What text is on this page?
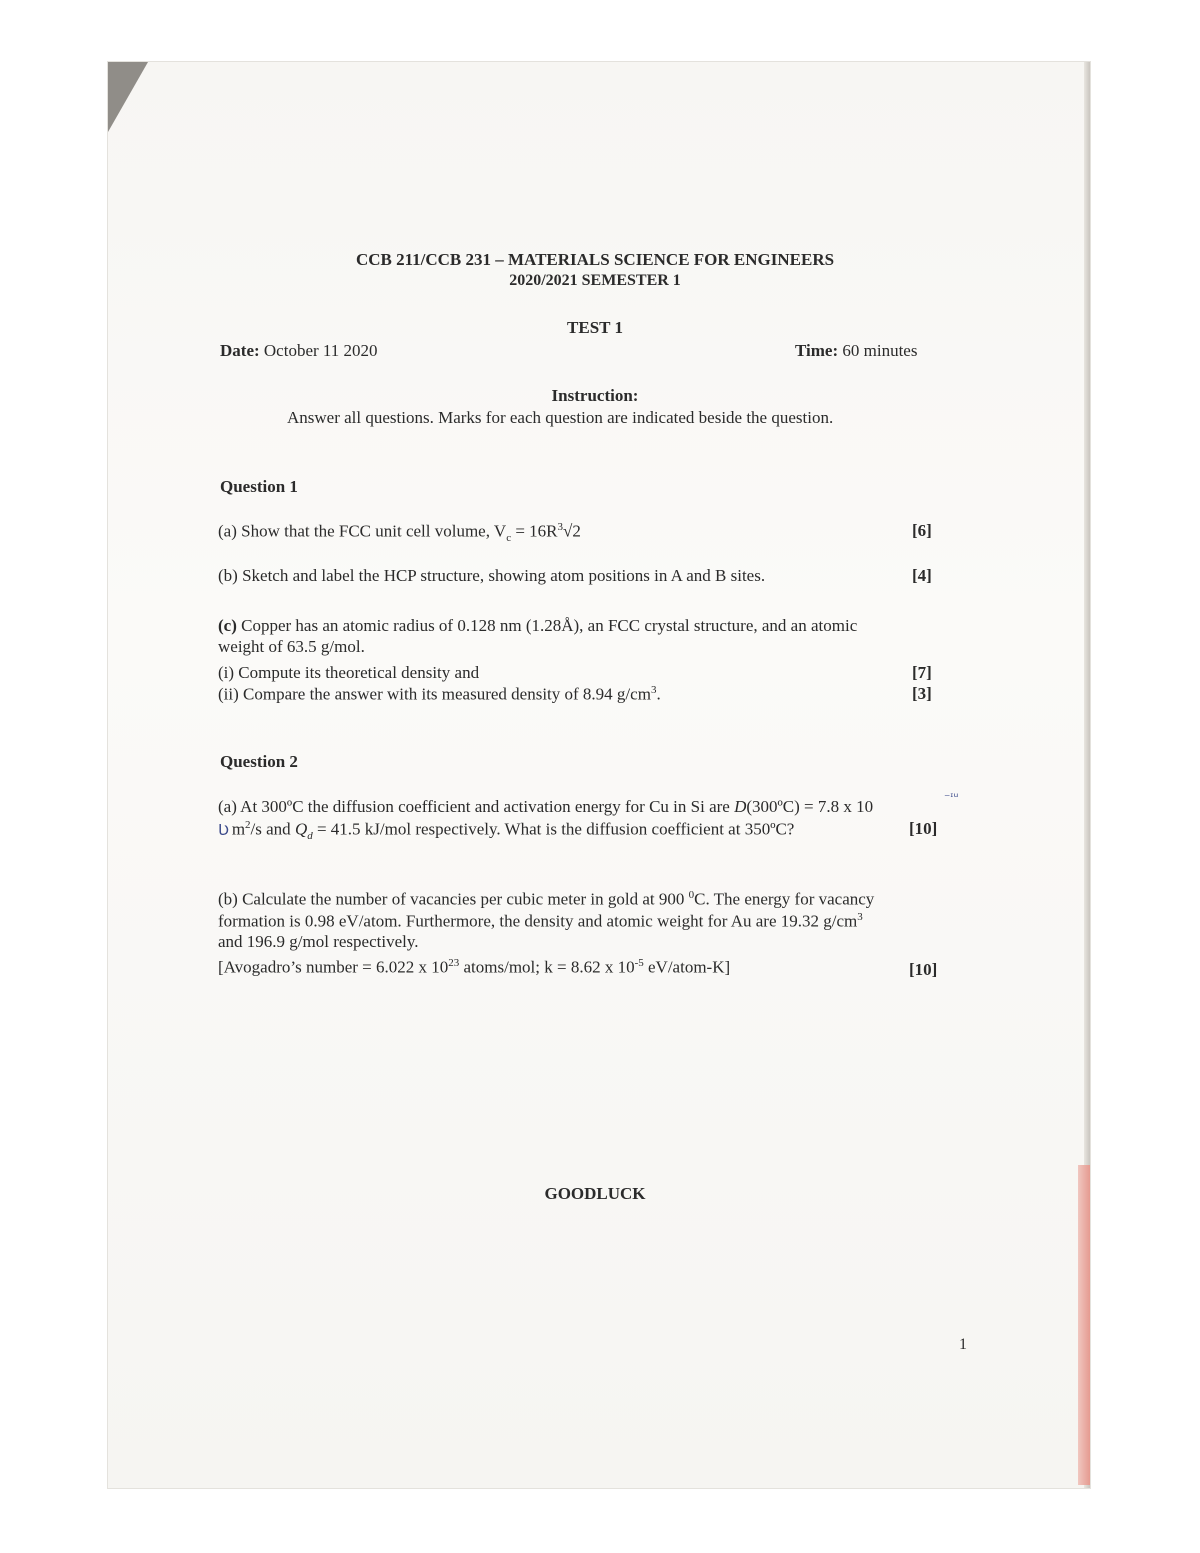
CCB 211/CCB 231 – MATERIALS SCIENCE FOR ENGINEERS
2020/2021 SEMESTER 1
TEST 1
Date: October 11 2020	Time: 60 minutes
Instruction:
Answer all questions. Marks for each question are indicated beside the question.
Question 1
(a) Show that the FCC unit cell volume, $V_c = 16R^3√2$	[6]
(b) Sketch and label the HCP structure, showing atom positions in A and B sites.	[4]
(c) Copper has an atomic radius of 0.128 nm (1.28Å), an FCC crystal structure, and an atomic
weight of 63.5 g/mol.
(i) Compute its theoretical density and	[7]
(ii) Compare the answer with its measured density of 8.94 $g/cm^3$.	[3]
Question 2
(a) At 300ºC the diffusion coefficient and activation energy for Cu in Si are D(300ºC) = 7.8 x 10	⁻ᶦᵘ
Ʋ $m^2/s$ and $Q_d = 41.5$ kJ/mol respectively. What is the diffusion coefficient at 350ºC?	[10]
(b) Calculate the number of vacancies per cubic meter in gold at 900 $^0$C. The energy for vacancy
formation is 0.98 eV/atom. Furthermore, the density and atomic weight for Au are 19.32 $g/cm^3$
and 196.9 g/mol respectively.
[Avogadro’s number = 6.022 x $10^{23}$ atoms/mol; k = 8.62 x $10^{-5}$ eV/atom-K]	[10]
GOODLUCK
1
